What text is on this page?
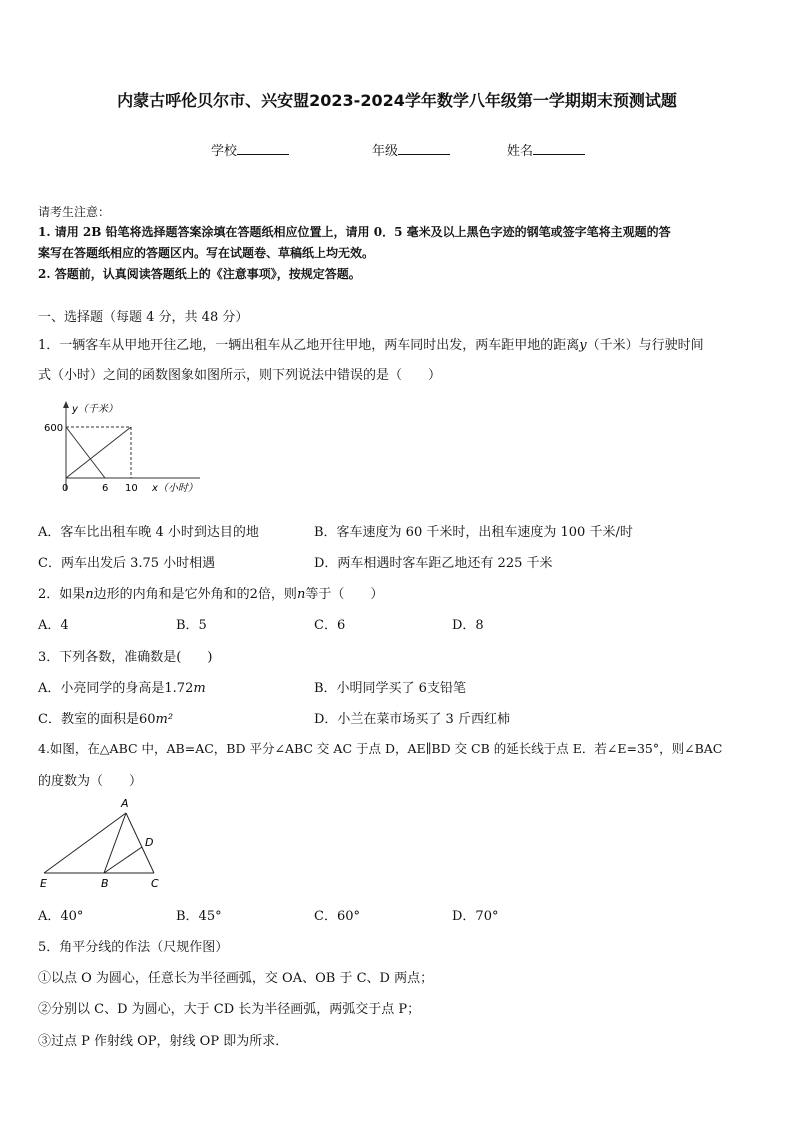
内蒙古呼伦贝尔市、兴安盟2023-2024学年数学八年级第一学期期末预测试题
学校	年级	姓名
请考生注意：
1. 请用 2B 铅笔将选择题答案涂填在答题纸相应位置上，请用 0．5 毫米及以上黑色字迹的钢笔或签字笔将主观题的答
案写在答题纸相应的答题区内。写在试题卷、草稿纸上均无效。
2. 答题前，认真阅读答题纸上的《注意事项》，按规定答题。
一、选择题（每题 4 分，共 48 分）
1．一辆客车从甲地开往乙地，一辆出租车从乙地开往甲地，两车同时出发，两车距甲地的距离y（千米）与行驶时间
式（小时）之间的函数图象如图所示，则下列说法中错误的是（　　）
y（千米）
600
0	6 10 x（小时）
A．客车比出租车晚 4 小时到达目的地	B．客车速度为 60 千米时，出租车速度为 100 千米/时
C．两车出发后 3.75 小时相遇	D．两车相遇时客车距乙地还有 225 千米
2．如果n边形的内角和是它外角和的2倍，则n等于（　　）
A．4	B．5	C．6	D．8
3．下列各数，准确数是(　　)
A．小亮同学的身高是1.72m	B．小明同学买了 6支铅笔
C．教室的面积是60m²	D．小兰在菜市场买了 3 斤西红柿
4.如图，在△ABC 中，AB=AC，BD 平分∠ABC 交 AC 于点 D，AE∥BD 交 CB 的延长线于点 E．若∠E=35°，则∠BAC
的度数为（　　）
A
D
E	B	C
A．40°	B．45°	C．60°	D．70°
5．角平分线的作法（尺规作图）
①以点 O 为圆心，任意长为半径画弧，交 OA、OB 于 C、D 两点；
②分别以 C、D 为圆心，大于 CD 长为半径画弧，两弧交于点 P；
③过点 P 作射线 OP，射线 OP 即为所求．
